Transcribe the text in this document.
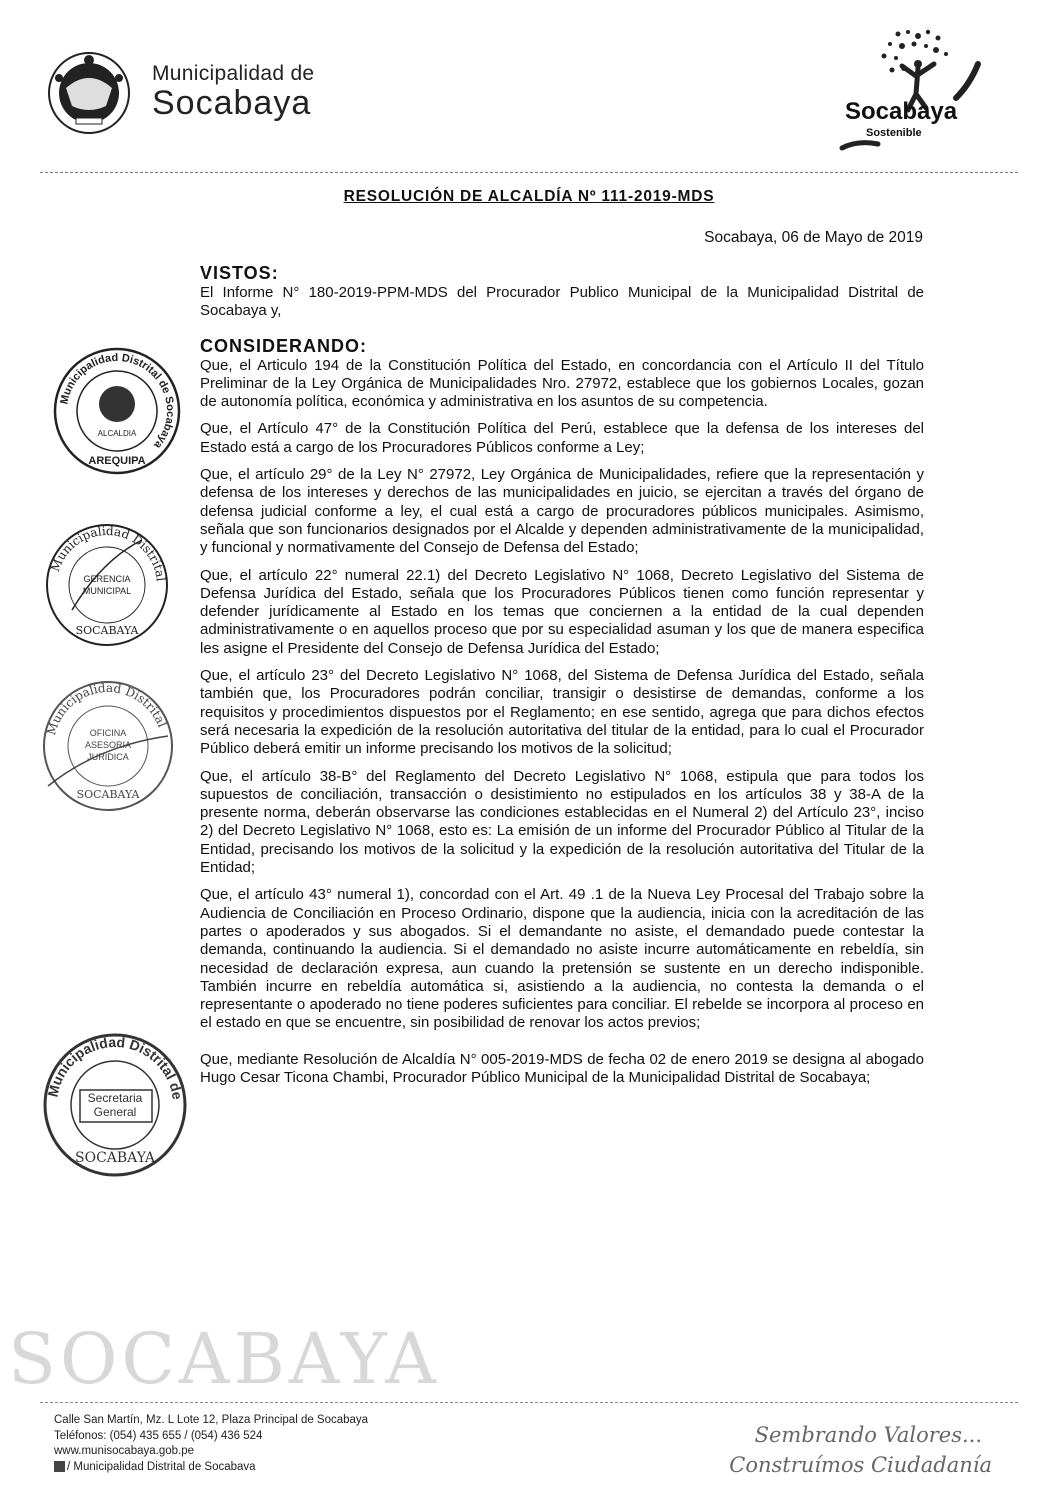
Municipalidad de
Socabaya	Socabaya
Sostenible
RESOLUCIÓN DE ALCALDÍA Nº 111-2019-MDS
Socabaya, 06 de Mayo de 2019

VISTOS:

El Informe N° 180-2019-PPM-MDS del Procurador Publico Municipal de la Municipalidad Distrital de Socabaya y,

CONSIDERANDO:

Que, el Articulo 194 de la Constitución Política del Estado, en concordancia con el Artículo II del Título Preliminar de la Ley Orgánica de Municipalidades Nro. 27972, establece que los gobiernos Locales, gozan de autonomía política, económica y administrativa en los asuntos de su competencia.

Que, el Artículo 47° de la Constitución Política del Perú, establece que la defensa de los intereses del Estado está a cargo de los Procuradores Públicos conforme a Ley;

Que, el artículo 29° de la Ley N° 27972, Ley Orgánica de Municipalidades, refiere que la representación y defensa de los intereses y derechos de las municipalidades en juicio, se ejercitan a través del órgano de defensa judicial conforme a ley, el cual está a cargo de procuradores públicos municipales. Asimismo, señala que son funcionarios designados por el Alcalde y dependen administrativamente de la municipalidad, y funcional y normativamente del Consejo de Defensa del Estado;

Que, el artículo 22° numeral 22.1) del Decreto Legislativo N° 1068, Decreto Legislativo del Sistema de Defensa Jurídica del Estado, señala que los Procuradores Públicos tienen como función representar y defender jurídicamente al Estado en los temas que conciernen a la entidad de la cual dependen administrativamente o en aquellos proceso que por su especialidad asuman y los que de manera especifica les asigne el Presidente del Consejo de Defensa Jurídica del Estado;

Que, el artículo 23° del Decreto Legislativo N° 1068, del Sistema de Defensa Jurídica del Estado, señala también que, los Procuradores podrán conciliar, transigir o desistirse de demandas, conforme a los requisitos y procedimientos dispuestos por el Reglamento; en ese sentido, agrega que para dichos efectos será necesaria la expedición de la resolución autoritativa del titular de la entidad, para lo cual el Procurador Público deberá emitir un informe precisando los motivos de la solicitud;

Que, el artículo 38-B° del Reglamento del Decreto Legislativo N° 1068, estipula que para todos los supuestos de conciliación, transacción o desistimiento no estipulados en los artículos 38 y 38-A de la presente norma, deberán observarse las condiciones establecidas en el Numeral 2) del Artículo 23°, inciso 2) del Decreto Legislativo N° 1068, esto es: La emisión de un informe del Procurador Público al Titular de la Entidad, precisando los motivos de la solicitud y la expedición de la resolución autoritativa del Titular de la Entidad;

Que, el artículo 43° numeral 1), concordad con el Art. 49 .1 de la Nueva Ley Procesal del Trabajo sobre la Audiencia de Conciliación en Proceso Ordinario, dispone que la audiencia, inicia con la acreditación de las partes o apoderados y sus abogados. Si el demandante no asiste, el demandado puede contestar la demanda, continuando la audiencia. Si el demandado no asiste incurre automáticamente en rebeldía, sin necesidad de declaración expresa, aun cuando la pretensión se sustente en un derecho indisponible. También incurre en rebeldía automática si, asistiendo a la audiencia, no contesta la demanda o el representante o apoderado no tiene poderes suficientes para conciliar. El rebelde se incorpora al proceso en el estado en que se encuentre, sin posibilidad de renovar los actos previos;

Que, mediante Resolución de Alcaldía N° 005-2019-MDS de fecha 02 de enero 2019 se designa al abogado Hugo Cesar Ticona Chambi, Procurador Público Municipal de la Municipalidad Distrital de Socabaya;

Municipalidad Distrital de Socabaya
ALCALDIA
AREQUIPA
Municipalidad Distrital
GERENCIA
MUNICIPAL
SOCABAYA
Municipalidad Distrital
OFICINA
ASESORIA
JURIDICA
SOCABAYA
Municipalidad Distrital de
Secretaria
General
SOCABAYA
SOCABAYA
Calle San Martín, Mz. L Lote 12, Plaza Principal de Socabaya
Teléfonos: (054) 435 655 / (054) 436 524
www.munisocabaya.gob.pe
/ Municipalidad Distrital de Socabava
Sembrando Valores...
Construímos Ciudadanía
